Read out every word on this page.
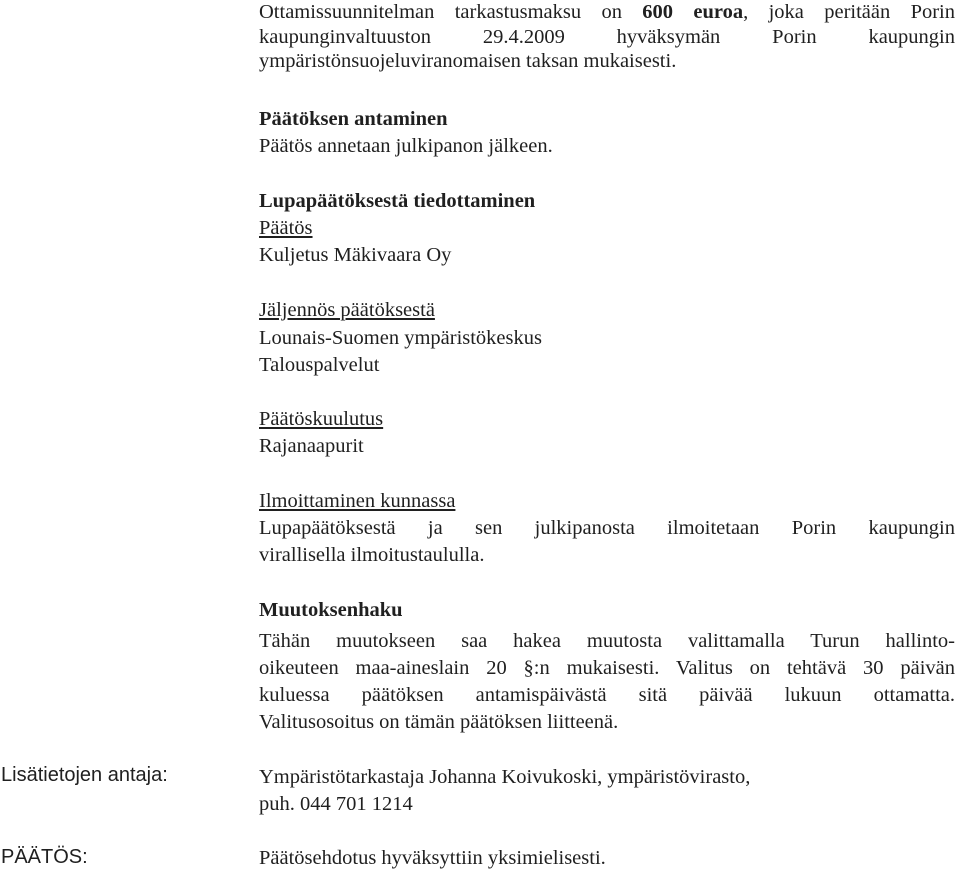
Ottamissuunnitelman tarkastusmaksu on 600 euroa, joka peritään Porin
kaupunginvaltuuston 29.4.2009 hyväksymän Porin kaupungin
ympäristönsuojeluviranomaisen taksan mukaisesti.
Päätöksen antaminen
Päätös annetaan julkipanon jälkeen.
Lupapäätöksestä tiedottaminen
Päätös
Kuljetus Mäkivaara Oy
Jäljennös päätöksestä
Lounais-Suomen ympäristökeskus
Talouspalvelut
Päätöskuulutus
Rajanaapurit
Ilmoittaminen kunnassa
Lupapäätöksestä ja sen julkipanosta ilmoitetaan Porin kaupungin
virallisella ilmoitustaululla.
Muutoksenhaku
Tähän muutokseen saa hakea muutosta valittamalla Turun hallinto-
oikeuteen maa-aineslain 20 §:n mukaisesti. Valitus on tehtävä 30 päivän
kuluessa päätöksen antamispäivästä sitä päivää lukuun ottamatta.
Valitusosoitus on tämän päätöksen liitteenä.
Lisätietojen antaja:	Ympäristötarkastaja Johanna Koivukoski, ympäristövirasto,
puh. 044 701 1214
PÄÄTÖS:	Päätösehdotus hyväksyttiin yksimielisesti.
